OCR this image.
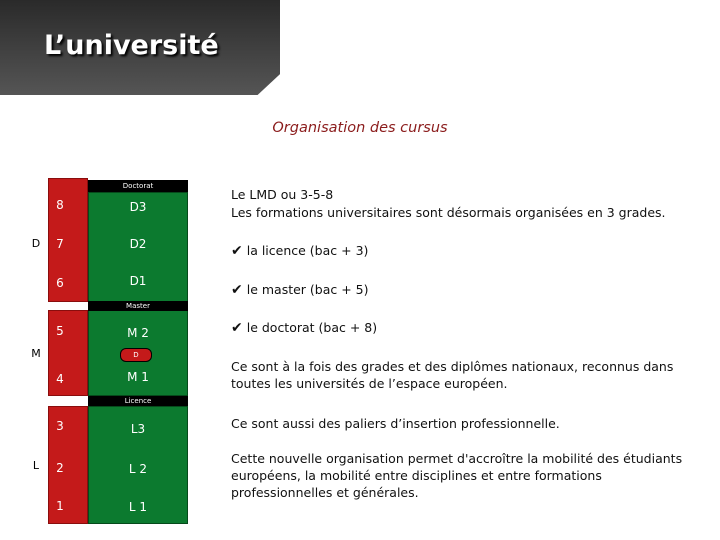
L’université
Organisation des cursus
Doctorat
Master
Licence
D
8
7
6
5
4
3
2
1
D3
D2
D1
M 2
M 1
L3
L 2
L 1
D
M
L
Le LMD ou 3-5-8
Les formations universitaires sont désormais organisées en 3 grades.
✔ la licence (bac + 3)
✔ le master (bac + 5)
✔ le doctorat (bac + 8)
Ce sont à la fois des grades et des diplômes nationaux, reconnus dans toutes les universités de l’espace européen.
Ce sont aussi des paliers d’insertion professionnelle.
Cette nouvelle organisation permet d'accroître la mobilité des étudiants européens, la mobilité entre disciplines et entre formations professionnelles et générales.
